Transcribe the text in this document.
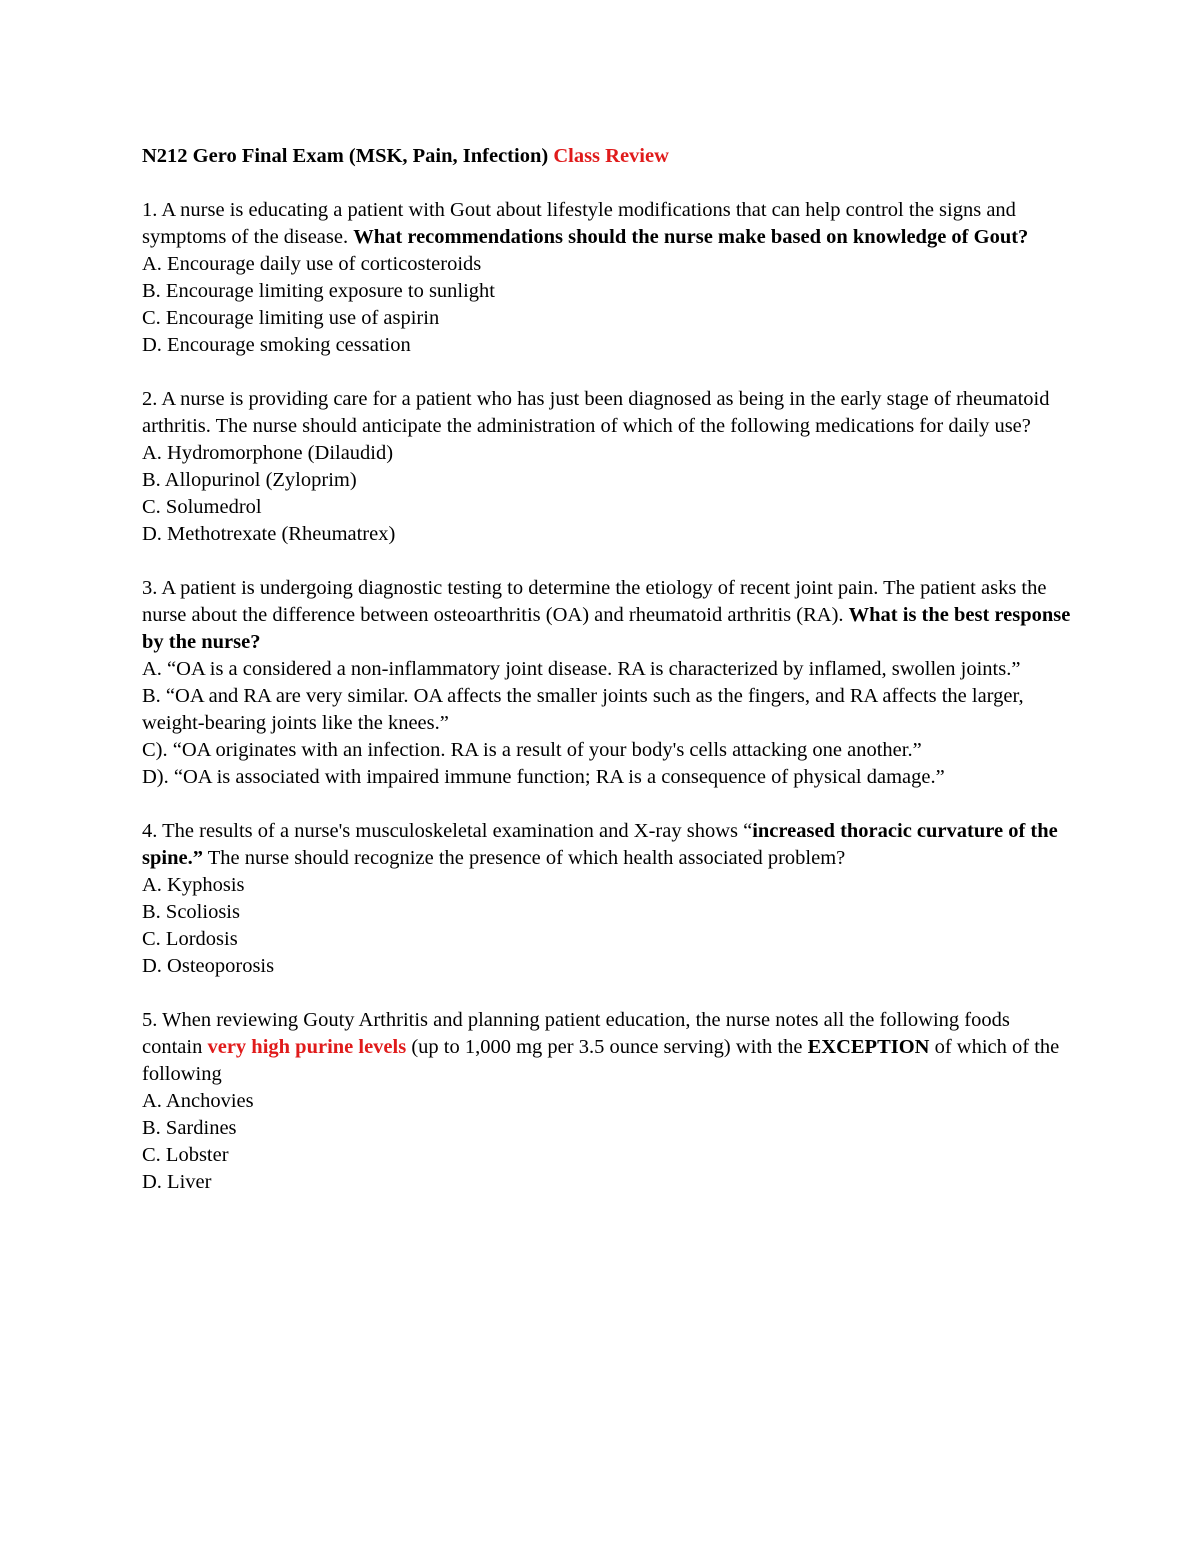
N212 Gero Final Exam (MSK, Pain, Infection) Class Review

1. A nurse is educating a patient with Gout about lifestyle modifications that can help control the signs and symptoms of the disease. What recommendations should the nurse make based on knowledge of Gout?

A. Encourage daily use of corticosteroids

B. Encourage limiting exposure to sunlight

C. Encourage limiting use of aspirin

D. Encourage smoking cessation

2. A nurse is providing care for a patient who has just been diagnosed as being in the early stage of rheumatoid arthritis. The nurse should anticipate the administration of which of the following medications for daily use?

A. Hydromorphone (Dilaudid)

B. Allopurinol (Zyloprim)

C. Solumedrol

D. Methotrexate (Rheumatrex)

3. A patient is undergoing diagnostic testing to determine the etiology of recent joint pain. The patient asks the nurse about the difference between osteoarthritis (OA) and rheumatoid arthritis (RA). What is the best response by the nurse?

A. “OA is a considered a non-inflammatory joint disease. RA is characterized by inflamed, swollen joints.”

B. “OA and RA are very similar. OA affects the smaller joints such as the fingers, and RA affects the larger, weight-bearing joints like the knees.”

C). “OA originates with an infection. RA is a result of your body's cells attacking one another.”

D). “OA is associated with impaired immune function; RA is a consequence of physical damage.”

4. The results of a nurse's musculoskeletal examination and X-ray shows “increased thoracic curvature of the spine.” The nurse should recognize the presence of which health associated problem?

A. Kyphosis

B. Scoliosis

C. Lordosis

D. Osteoporosis

5. When reviewing Gouty Arthritis and planning patient education, the nurse notes all the following foods contain very high purine levels (up to 1,000 mg per 3.5 ounce serving) with the EXCEPTION of which of the following

A. Anchovies

B. Sardines

C. Lobster

D. Liver
